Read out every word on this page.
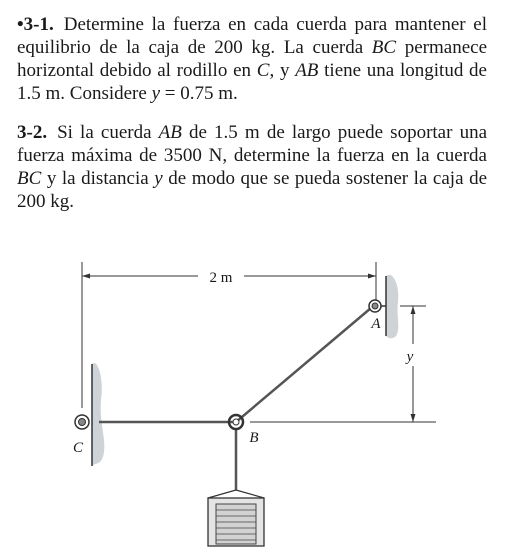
•3-1. Determine la fuerza en cada cuerda para mantener el equilibrio de la caja de 200 kg. La cuerda BC permanece horizontal debido al rodillo en C, y AB tiene una longitud de 1.5 m. Considere y = 0.75 m.

3-2. Si la cuerda AB de 1.5 m de largo puede soportar una fuerza máxima de 3500 N, determine la fuerza en la cuerda BC y la distancia y de modo que se pueda sostener la caja de 200 kg.

2 m
y
A
B
C
